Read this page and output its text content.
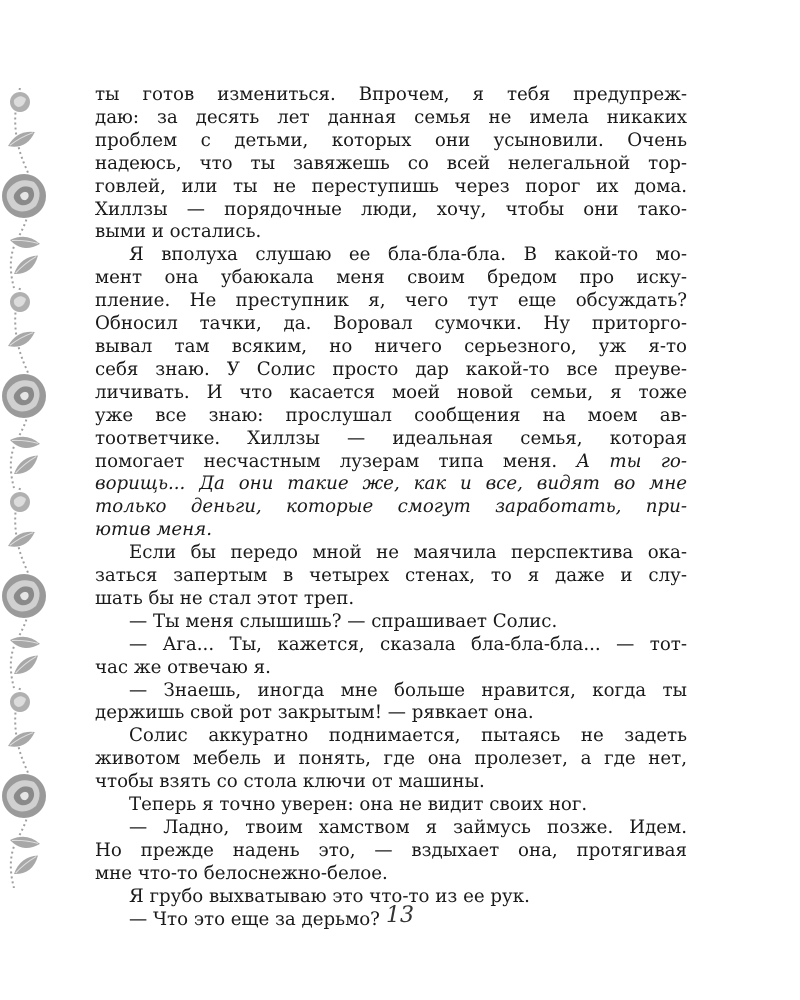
ты готов измениться. Впрочем, я тебя предупреж-

даю: за десять лет данная семья не имела никаких

проблем с детьми, которых они усыновили. Очень

надеюсь, что ты завяжешь со всей нелегальной тор-

говлей, или ты не переступишь через порог их дома.

Хиллзы — порядочные люди, хочу, чтобы они тако-

выми и остались.

Я вполуха слушаю ее бла-бла-бла. В какой-то мо-

мент она убаюкала меня своим бредом про иску-

пление. Не преступник я, чего тут еще обсуждать?

Обносил тачки, да. Воровал сумочки. Ну приторго-

вывал там всяким, но ничего серьезного, уж я-то

себя знаю. У Солис просто дар какой-то все преуве-

личивать. И что касается моей новой семьи, я тоже

уже все знаю: прослушал сообщения на моем ав-

тоответчике. Хиллзы — идеальная семья, которая

помогает несчастным лузерам типа меня. А ты го-

ворищь... Да они такие же, как и все, видят во мне

только деньги, которые смогут заработать, при-

ютив меня.

Если бы передо мной не маячила перспектива ока-

заться запертым в четырех стенах, то я даже и слу-

шать бы не стал этот треп.

— Ты меня слышишь? — спрашивает Солис.

— Ага... Ты, кажется, сказала бла-бла-бла... — тот-

час же отвечаю я.

— Знаешь, иногда мне больше нравится, когда ты

держишь свой рот закрытым! — рявкает она.

Солис аккуратно поднимается, пытаясь не задеть

животом мебель и понять, где она пролезет, а где нет,

чтобы взять со стола ключи от машины.

Теперь я точно уверен: она не видит своих ног.

— Ладно, твоим хамством я займусь позже. Идем.

Но прежде надень это, — вздыхает она, протягивая

мне что-то белоснежно-белое.

Я грубо выхватываю это что-то из ее рук.

— Что это еще за дерьмо? 13
